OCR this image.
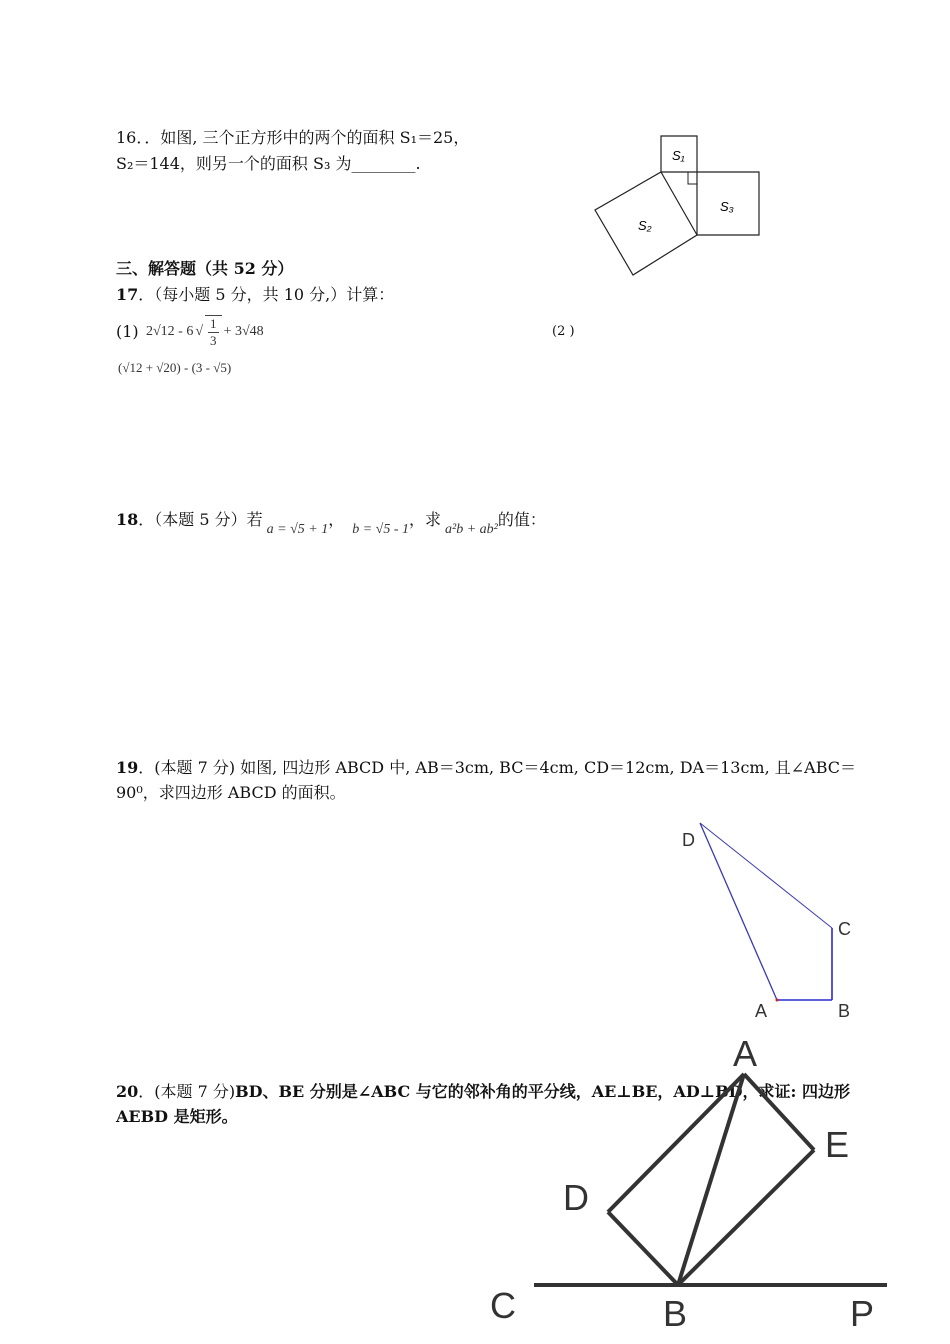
16．．如图, 三个正方形中的两个的面积 S₁＝25，
S₂＝144，则另一个的面积 S₃ 为________.	S₁
S₃
S₂
三、解答题（共 52 分）
17．（每小题 5 分，共 10 分,）计算：
(1) 2√12 - 6 √ $\frac{1}{3} + 3√48$	(2 )
(√12 + √20) - (3 - √5)
18 ．（本题 5 分）若
a = √5 + 1
，
b = √5 - 1
，求
a²b + ab²
的值：
19．(本题 7 分) 如图, 四边形 ABCD 中, AB＝3cm, BC＝4cm, CD＝12cm, DA＝13cm, 且∠ABC＝
90⁰，求四边形 ABCD 的面积。
D
C
A	B
20．(本题 7 分)BD、BE 分别是∠ABC 与它的邻补角的平分线，AE⊥BE，AD⊥BD，求证: 四边形
AEBD 是矩形。
A
E
D
C	B	P
